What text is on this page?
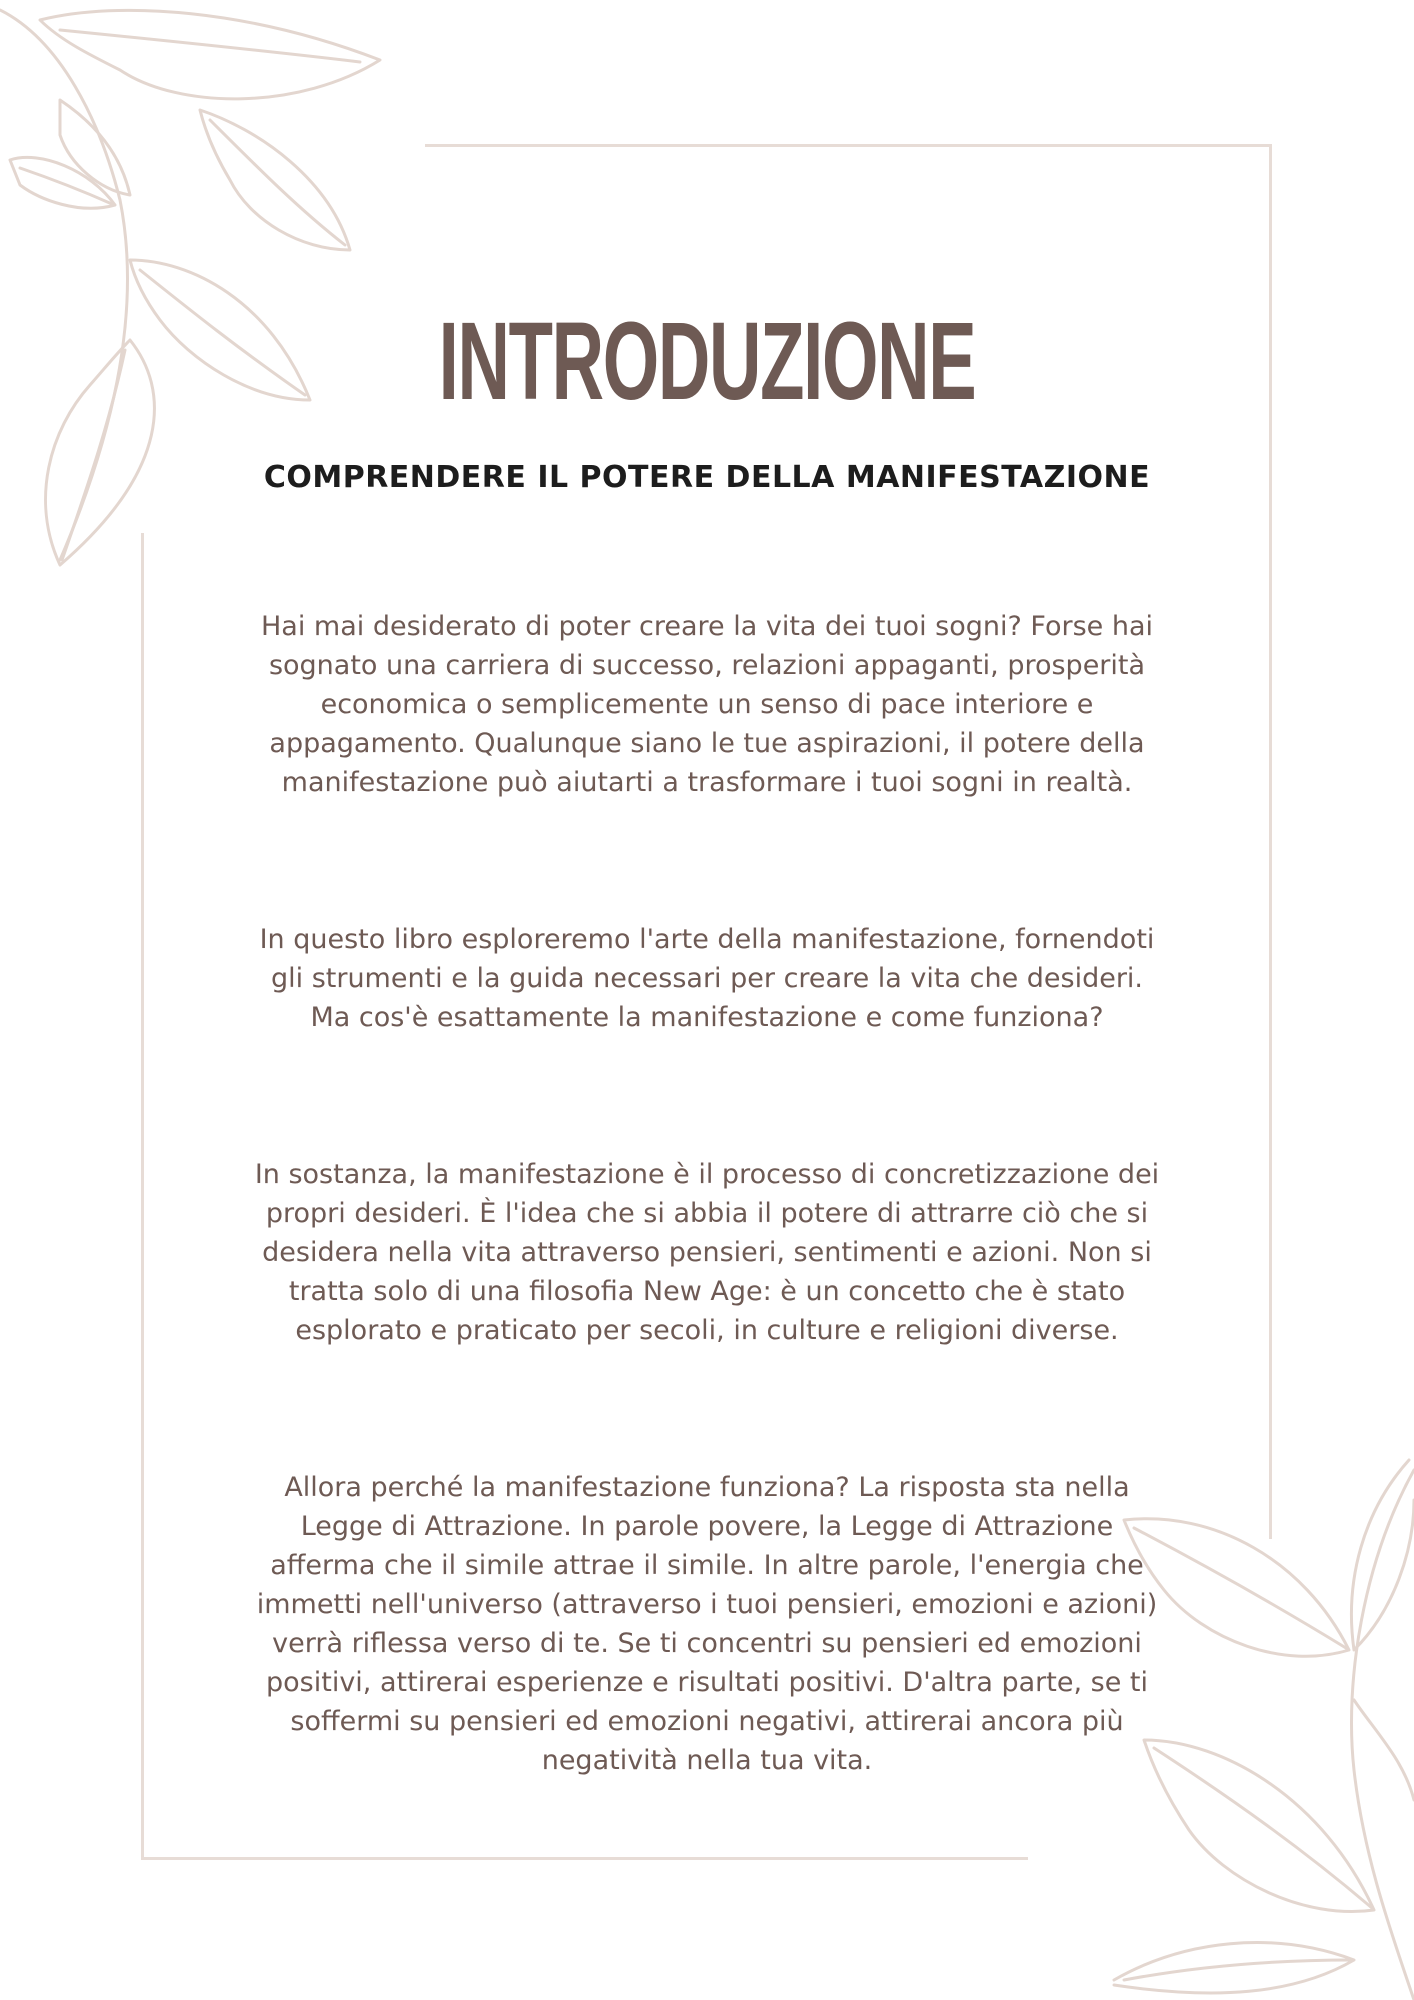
INTRODUZIONE
COMPRENDERE IL POTERE DELLA MANIFESTAZIONE

Hai mai desiderato di poter creare la vita dei tuoi sogni? Forse hai sognato una carriera di successo, relazioni appaganti, prosperità economica o semplicemente un senso di pace interiore e appagamento. Qualunque siano le tue aspirazioni, il potere della manifestazione può aiutarti a trasformare i tuoi sogni in realtà.

In questo libro esploreremo l'arte della manifestazione, fornendoti gli strumenti e la guida necessari per creare la vita che desideri. Ma cos'è esattamente la manifestazione e come funziona?

In sostanza, la manifestazione è il processo di concretizzazione dei propri desideri. È l'idea che si abbia il potere di attrarre ciò che si desidera nella vita attraverso pensieri, sentimenti e azioni. Non si tratta solo di una filosofia New Age: è un concetto che è stato esplorato e praticato per secoli, in culture e religioni diverse.

Allora perché la manifestazione funziona? La risposta sta nella Legge di Attrazione. In parole povere, la Legge di Attrazione afferma che il simile attrae il simile. In altre parole, l'energia che immetti nell'universo (attraverso i tuoi pensieri, emozioni e azioni) verrà riflessa verso di te. Se ti concentri su pensieri ed emozioni positivi, attirerai esperienze e risultati positivi. D'altra parte, se ti soffermi su pensieri ed emozioni negativi, attirerai ancora più negatività nella tua vita.
